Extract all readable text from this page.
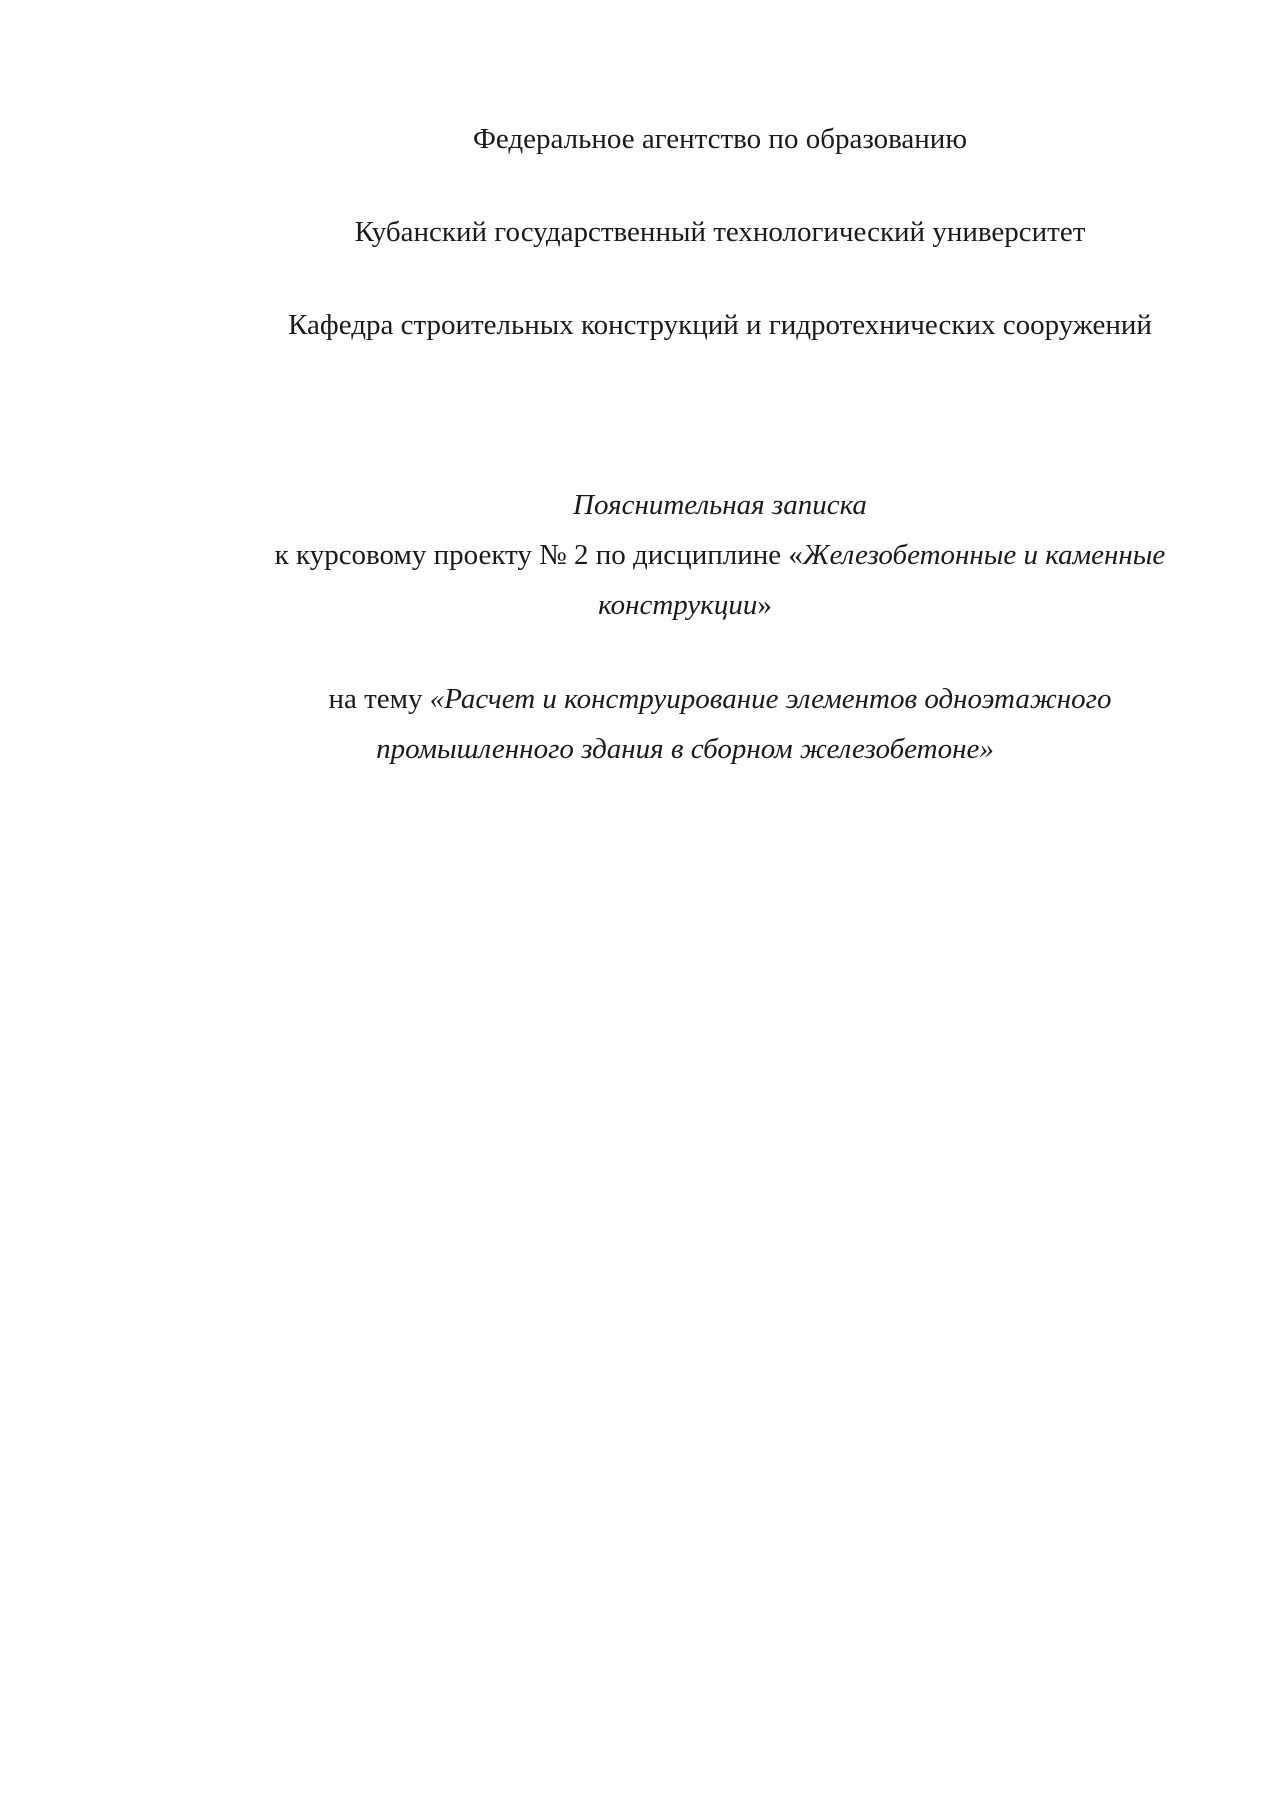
Федеральное агентство по образованию
Кубанский государственный технологический университет
Кафедра строительных конструкций и гидротехнических сооружений

Пояснительная записка

к курсовому проекту № 2 по дисциплине «Железобетонные и каменные

конструкции»

на тему «Расчет и конструирование элементов одноэтажного

промышленного здания в сборном железобетоне»
